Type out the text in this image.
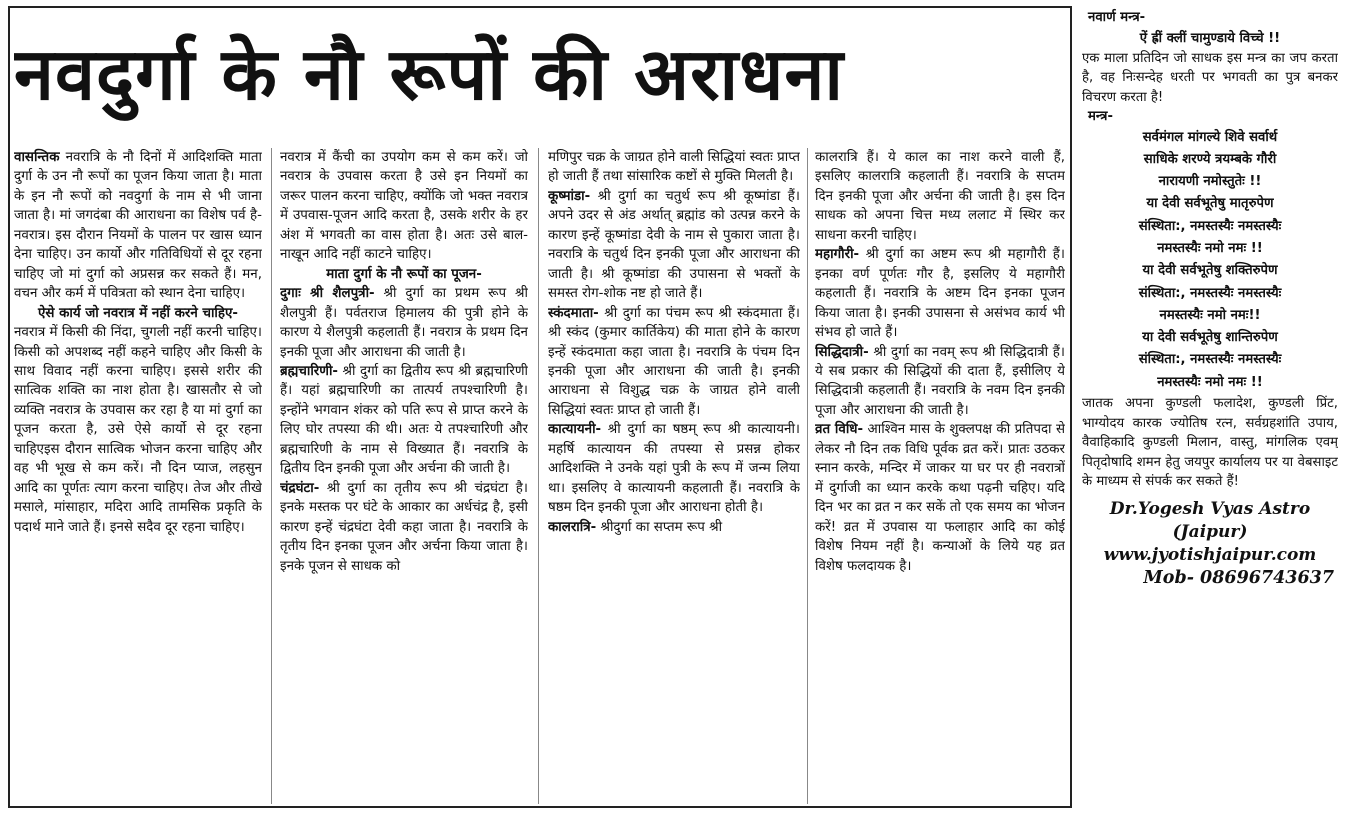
नवदुर्गा के नौ रूपों की अराधना

वासन्तिक नवरात्रि के नौ दिनों में आदिशक्ति माता दुर्गा के उन नौ रूपों का पूजन किया जाता है। माता के इन नौ रूपों को नवदुर्गा के नाम से भी जाना जाता है। मां जगदंबा की आराधना का विशेष पर्व है- नवरात्र। इस दौरान नियमों के पालन पर खास ध्यान देना चाहिए। उन कार्यो और गतिविधियों से दूर रहना चाहिए जो मां दुर्गा को अप्रसन्न कर सकते हैं। मन, वचन और कर्म में पवित्रता को स्थान देना चाहिए।

ऐसे कार्य जो नवरात्र में नहीं करने चाहिए-

नवरात्र में किसी की निंदा, चुगली नहीं करनी चाहिए। किसी को अपशब्द नहीं कहने चाहिए और किसी के साथ विवाद नहीं करना चाहिए। इससे शरीर की सात्विक शक्ति का नाश होता है। खासतौर से जो व्यक्ति नवरात्र के उपवास कर रहा है या मां दुर्गा का पूजन करता है, उसे ऐसे कार्यो से दूर रहना चाहिएइस दौरान सात्विक भोजन करना चाहिए और वह भी भूख से कम करें। नौ दिन प्याज, लहसुन आदि का पूर्णतः त्याग करना चाहिए। तेज और तीखे मसाले, मांसाहार, मदिरा आदि तामसिक प्रकृति के पदार्थ माने जाते हैं। इनसे सदैव दूर रहना चाहिए।

नवरात्र में कैंची का उपयोग कम से कम करें। जो नवरात्र के उपवास करता है उसे इन नियमों का जरूर पालन करना चाहिए, क्योंकि जो भक्त नवरात्र में उपवास-पूजन आदि करता है, उसके शरीर के हर अंश में भगवती का वास होता है। अतः उसे बाल-नाखून आदि नहीं काटने चाहिए।

माता दुर्गा के नौ रूपों का पूजन-

दुगाः श्री शैलपुत्री- श्री दुर्गा का प्रथम रूप श्री शैलपुत्री हैं। पर्वतराज हिमालय की पुत्री होने के कारण ये शैलपुत्री कहलाती हैं। नवरात्र के प्रथम दिन इनकी पूजा और आराधना की जाती है।

ब्रह्मचारिणी- श्री दुर्गा का द्वितीय रूप श्री ब्रह्मचारिणी हैं। यहां ब्रह्मचारिणी का तात्पर्य तपश्चारिणी है। इन्होंने भगवान शंकर को पति रूप से प्राप्त करने के लिए घोर तपस्या की थी। अतः ये तपश्चारिणी और ब्रह्मचारिणी के नाम से विख्यात हैं। नवरात्रि के द्वितीय दिन इनकी पूजा और अर्चना की जाती है।

चंद्रघंटा- श्री दुर्गा का तृतीय रूप श्री चंद्रघंटा है। इनके मस्तक पर घंटे के आकार का अर्धचंद्र है, इसी कारण इन्हें चंद्रघंटा देवी कहा जाता है। नवरात्रि के तृतीय दिन इनका पूजन और अर्चना किया जाता है। इनके पूजन से साधक को

मणिपुर चक्र के जाग्रत होने वाली सिद्धियां स्वतः प्राप्त हो जाती हैं तथा सांसारिक कष्टों से मुक्ति मिलती है।

कूष्मांडा- श्री दुर्गा का चतुर्थ रूप श्री कूष्मांडा हैं। अपने उदर से अंड अर्थात्‌ ब्रह्मांड को उत्पन्न करने के कारण इन्हें कूष्मांडा देवी के नाम से पुकारा जाता है। नवरात्रि के चतुर्थ दिन इनकी पूजा और आराधना की जाती है। श्री कूष्मांडा की उपासना से भक्तों के समस्त रोग-शोक नष्ट हो जाते हैं।

स्कंदमाता- श्री दुर्गा का पंचम रूप श्री स्कंदमाता हैं। श्री स्कंद (कुमार कार्तिकेय) की माता होने के कारण इन्हें स्कंदमाता कहा जाता है। नवरात्रि के पंचम दिन इनकी पूजा और आराधना की जाती है। इनकी आराधना से विशुद्ध चक्र के जाग्रत होने वाली सिद्धियां स्वतः प्राप्त हो जाती हैं।

कात्यायनी- श्री दुर्गा का षष्ठम्‌ रूप श्री कात्यायनी। महर्षि कात्यायन की तपस्या से प्रसन्न होकर आदिशक्ति ने उनके यहां पुत्री के रूप में जन्म लिया था। इसलिए वे कात्यायनी कहलाती हैं। नवरात्रि के षष्ठम दिन इनकी पूजा और आराधना होती है।

कालरात्रि- श्रीदुर्गा का सप्तम रूप श्री

कालरात्रि हैं। ये काल का नाश करने वाली हैं, इसलिए कालरात्रि कहलाती हैं। नवरात्रि के सप्तम दिन इनकी पूजा और अर्चना की जाती है। इस दिन साधक को अपना चित्त मध्य ललाट में स्थिर कर साधना करनी चाहिए।

महागौरी- श्री दुर्गा का अष्टम रूप श्री महागौरी हैं। इनका वर्ण पूर्णतः गौर है, इसलिए ये महागौरी कहलाती हैं। नवरात्रि के अष्टम दिन इनका पूजन किया जाता है। इनकी उपासना से असंभव कार्य भी संभव हो जाते हैं।

सिद्धिदात्री- श्री दुर्गा का नवम्‌ रूप श्री सिद्धिदात्री हैं। ये सब प्रकार की सिद्धियों की दाता हैं, इसीलिए ये सिद्धिदात्री कहलाती हैं। नवरात्रि के नवम दिन इनकी पूजा और आराधना की जाती है।

व्रत विधि- आश्विन मास के शुक्लपक्ष की प्रतिपदा से लेकर नौ दिन तक विधि पूर्वक व्रत करें। प्रातः उठकर स्नान करके, मन्दिर में जाकर या घर पर ही नवरात्रों में दुर्गाजी का ध्यान करके कथा पढ़नी चहिए। यदि दिन भर का व्रत न कर सकें तो एक समय का भोजन करें! व्रत में उपवास या फलाहार आदि का कोई विशेष नियम नहीं है। कन्याओं के लिये यह व्रत विशेष फलदायक है।

नवार्ण मन्त्र-

ऐं ह्रीं क्लीं चामुण्डाये विच्चे !!

एक माला प्रतिदिन जो साधक इस मन्त्र का जप करता है, वह निःसन्देह धरती पर भगवती का पुत्र बनकर विचरण करता है!

मन्त्र-

सर्वमंगल मांगल्ये शिवे सर्वार्थ

साधिके शरण्ये त्रयम्बके गौरी

नारायणी नमोस्तुतेः !!

या देवी सर्वभूतेषु मातृरुपेण

संस्थिता:, नमस्तस्यैः नमस्तस्यैः

नमस्तस्यैः नमो नमः !!

या देवी सर्वभूतेषु शक्तिरुपेण

संस्थिता:, नमस्तस्यैः नमस्तस्यैः

नमस्तस्यैः नमो नमः!!

या देवी सर्वभूतेषु शान्तिरुपेण

संस्थिता:, नमस्तस्यैः नमस्तस्यैः

नमस्तस्यैः नमो नमः !!

जातक अपना कुण्डली फलादेश, कुण्डली प्रिंट, भाग्योदय कारक ज्योतिष रत्न, सर्वग्रहशांति उपाय, वैवाहिकादि कुण्डली मिलान, वास्तु, मांगलिक एवम्‌ पितृदोषादि शमन हेतु जयपुर कार्यालय पर या वेबसाइट के माध्यम से संपर्क कर सकते हैं!

Dr.Yogesh Vyas Astro

(Jaipur)

www.jyotishjaipur.com

Mob- 08696743637
